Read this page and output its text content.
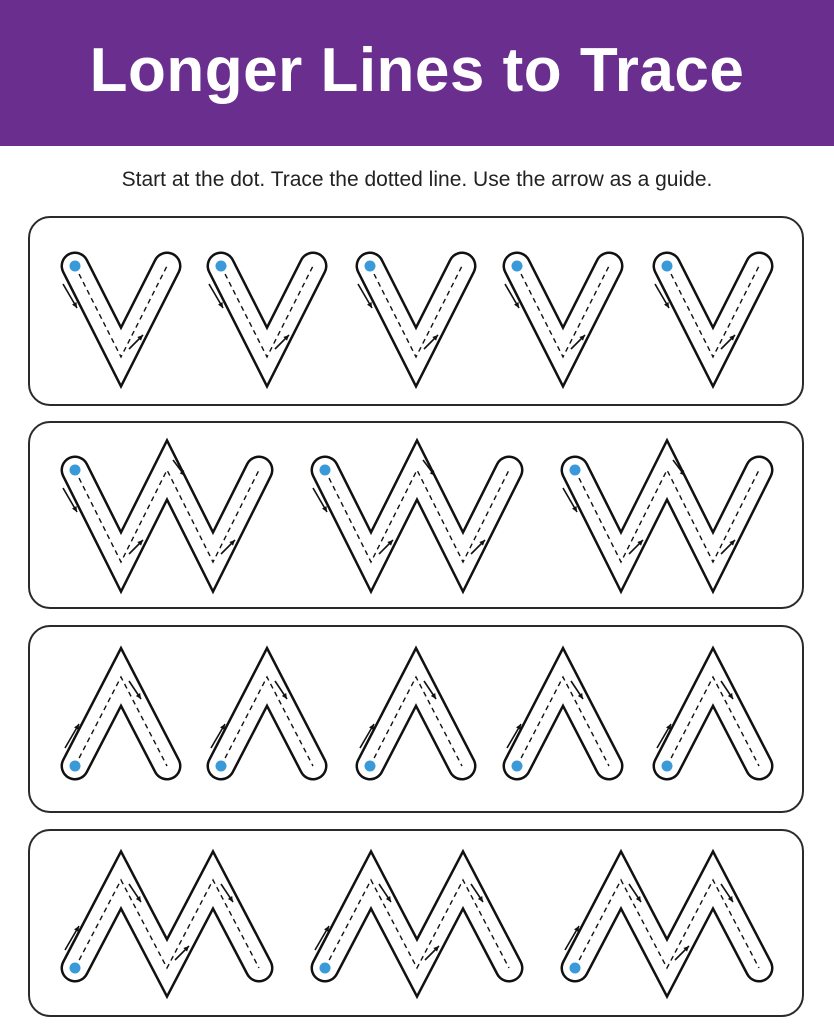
Longer Lines to Trace
Start at the dot. Trace the dotted line. Use the arrow as a guide.
